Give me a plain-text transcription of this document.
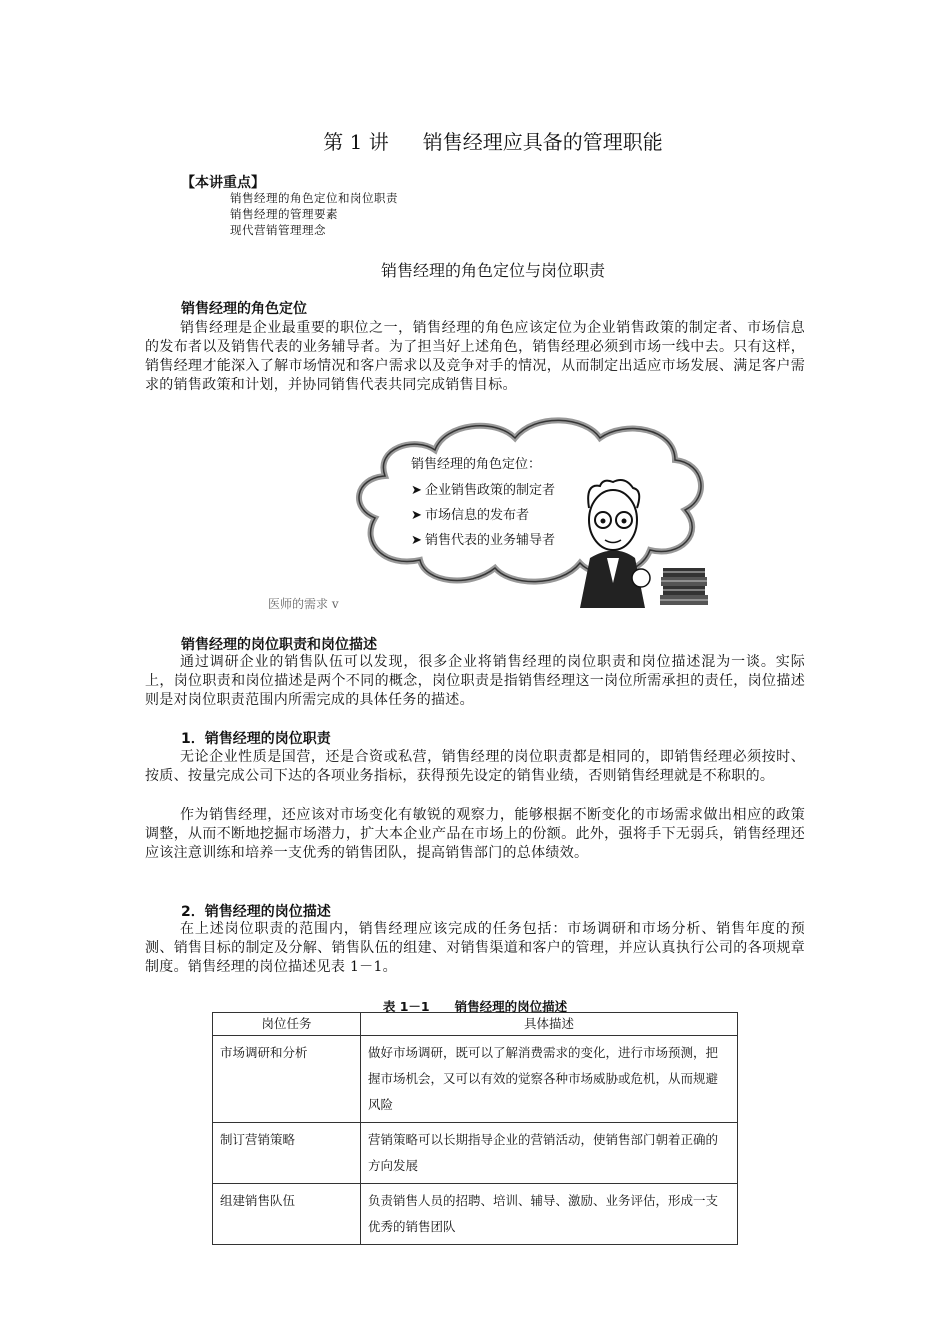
第 1 讲 销售经理应具备的管理职能
【本讲重点】
销售经理的角色定位和岗位职责
销售经理的管理要素
现代营销管理理念
销售经理的角色定位与岗位职责
销售经理的角色定位
销售经理是企业最重要的职位之一，销售经理的角色应该定位为企业销售政策的制定者、市场信息的发布者以及销售代表的业务辅导者。为了担当好上述角色，销售经理必须到市场一线中去。只有这样，销售经理才能深入了解市场情况和客户需求以及竞争对手的情况，从而制定出适应市场发展、满足客户需求的销售政策和计划，并协同销售代表共同完成销售目标。
销售经理的角色定位：
➤ 企业销售政策的制定者
➤ 市场信息的发布者
➤ 销售代表的业务辅导者
医师的需求 v
销售经理的岗位职责和岗位描述
通过调研企业的销售队伍可以发现，很多企业将销售经理的岗位职责和岗位描述混为一谈。实际上，岗位职责和岗位描述是两个不同的概念，岗位职责是指销售经理这一岗位所需承担的责任，岗位描述则是对岗位职责范围内所需完成的具体任务的描述。
1．销售经理的岗位职责
无论企业性质是国营，还是合资或私营，销售经理的岗位职责都是相同的，即销售经理必须按时、按质、按量完成公司下达的各项业务指标，获得预先设定的销售业绩，否则销售经理就是不称职的。
作为销售经理，还应该对市场变化有敏锐的观察力，能够根据不断变化的市场需求做出相应的政策调整，从而不断地挖掘市场潜力，扩大本企业产品在市场上的份额。此外，强将手下无弱兵，销售经理还应该注意训练和培养一支优秀的销售团队，提高销售部门的总体绩效。
2．销售经理的岗位描述
在上述岗位职责的范围内，销售经理应该完成的任务包括：市场调研和市场分析、销售年度的预测、销售目标的制定及分解、销售队伍的组建、对销售渠道和客户的管理，并应认真执行公司的各项规章制度。销售经理的岗位描述见表 1－1。
表 1－1　　销售经理的岗位描述
岗位任务	具体描述
市场调研和分析	做好市场调研，既可以了解消费需求的变化，进行市场预测，把握市场机会，又可以有效的觉察各种市场威胁或危机，从而规避风险
制订营销策略	营销策略可以长期指导企业的营销活动，使销售部门朝着正确的方向发展
组建销售队伍	负责销售人员的招聘、培训、辅导、激励、业务评估，形成一支优秀的销售团队
